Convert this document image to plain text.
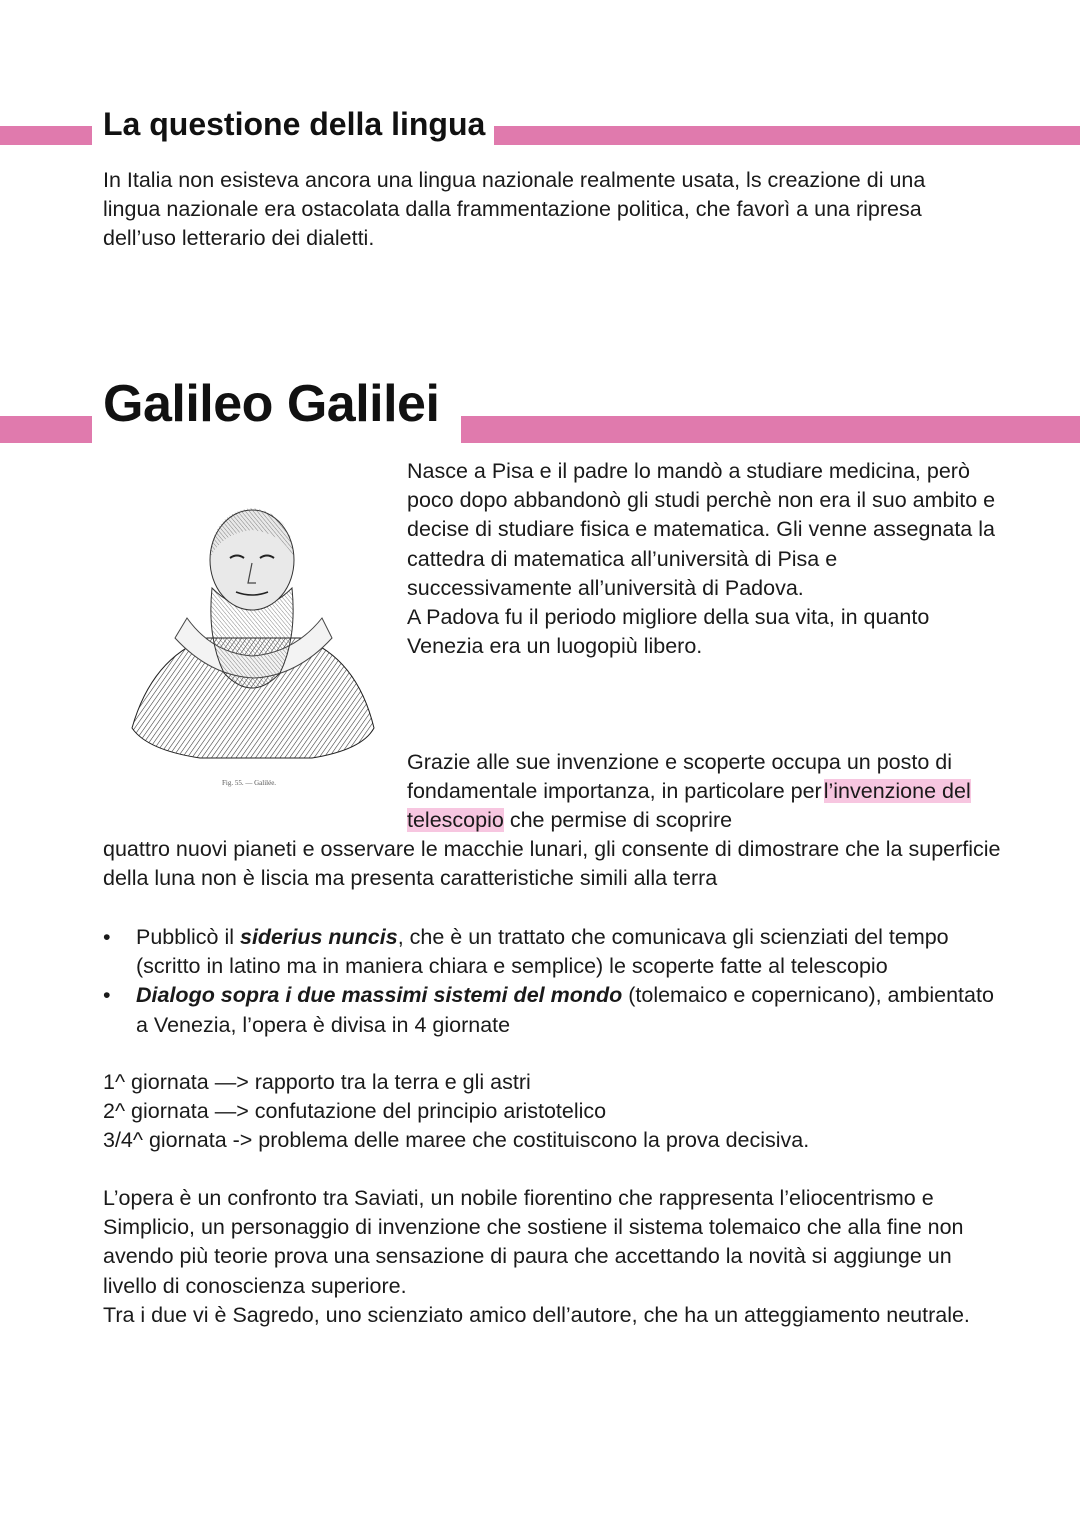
La questione della lingua

In Italia non esisteva ancora una lingua nazionale realmente usata, ls creazione di una lingua nazionale era ostacolata dalla frammentazione politica, che favorì a una ripresa dell’uso letterario dei dialetti.

Galileo Galilei
Fig. 55. — Galilée.
Nasce a Pisa e il padre lo mandò a studiare medicina, però poco dopo abbandonò gli studi perchè non era il suo ambito e decise di studiare fisica e matematica. Gli venne assegnata la cattedra di matematica all’università di Pisa e successivamente all’università di Padova.
A Padova fu il periodo migliore della sua vita, in quanto Venezia era un luogopiù libero.
Grazie alle sue invenzione e scoperte occupa un posto di fondamentale importanza, in particolare per l’invenzione del telescopio che permise di scoprire

quattro nuovi pianeti e osservare le macchie lunari, gli consente di dimostrare che la superficie della luna non è liscia ma presenta caratteristiche simili alla terra

• Pubblicò il siderius nuncis, che è un trattato che comunicava gli scienziati del tempo (scritto in latino ma in maniera chiara e semplice) le scoperte fatte al telescopio
• Dialogo sopra i due massimi sistemi del mondo (tolemaico e copernicano), ambientato a Venezia, l’opera è divisa in 4 giornate
1^ giornata —> rapporto tra la terra e gli astri
2^ giornata —> confutazione del principio aristotelico
3/4^ giornata -> problema delle maree che costituiscono la prova decisiva.
L’opera è un confronto tra Saviati, un nobile fiorentino che rappresenta l’eliocentrismo e Simplicio, un personaggio di invenzione che sostiene il sistema tolemaico che alla fine non avendo più teorie prova una sensazione di paura che accettando la novità si aggiunge un livello di conoscienza superiore.
Tra i due vi è Sagredo, uno scienziato amico dell’autore, che ha un atteggiamento neutrale.
